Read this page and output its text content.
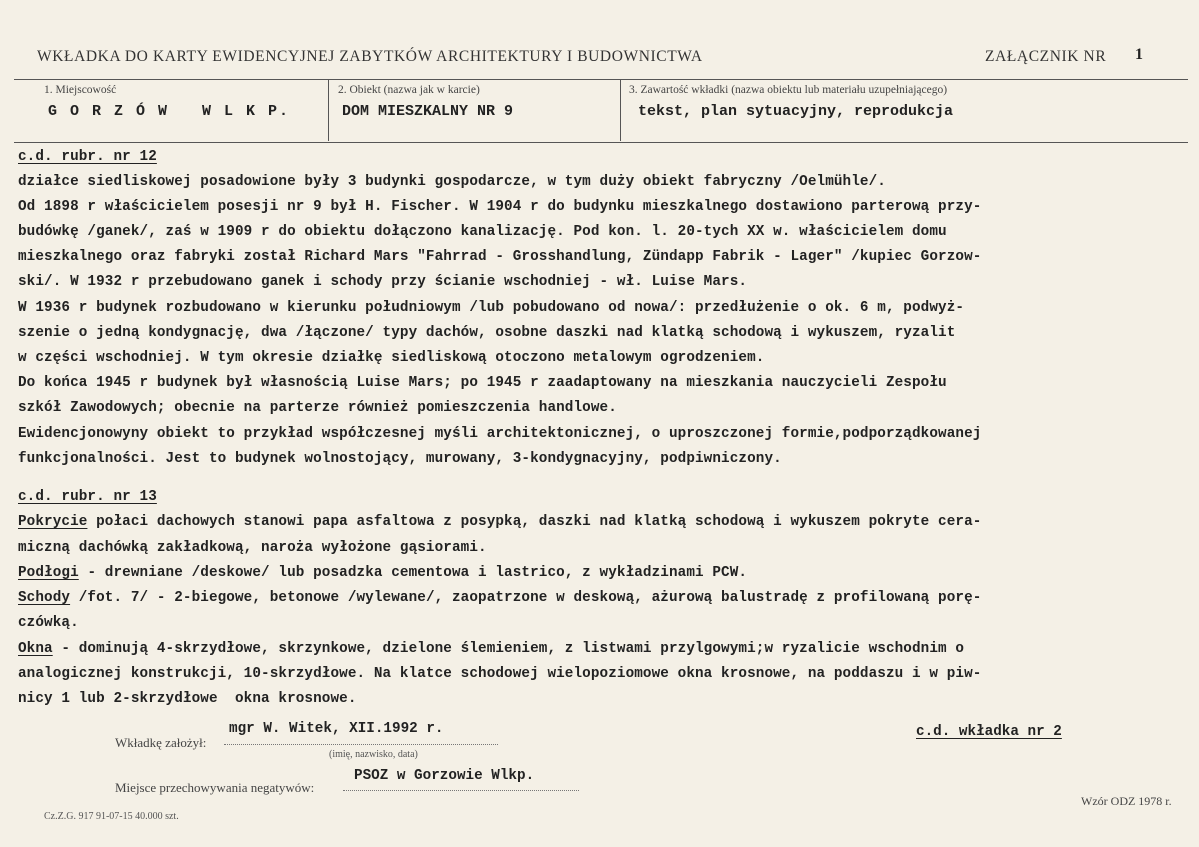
WKŁADKA DO KARTY EWIDENCYJNEJ ZABYTKÓW ARCHITEKTURY I BUDOWNICTWA	ZAŁĄCZNIK NR 1
1. Miejscowość
G O R Z Ó W   W L K P.
2. Obiekt (nazwa jak w karcie)
DOM MIESZKALNY NR 9
3. Zawartość wkładki (nazwa obiektu lub materiału uzupełniającego)
tekst, plan sytuacyjny, reprodukcja
c.d. rubr. nr 12
działce siedliskowej posadowione były 3 budynki gospodarcze, w tym duży obiekt fabryczny /Oelmühle/.
Od 1898 r właścicielem posesji nr 9 był H. Fischer. W 1904 r do budynku mieszkalnego dostawiono parterową przy-
budówkę /ganek/, zaś w 1909 r do obiektu dołączono kanalizację. Pod kon. l. 20-tych XX w. właścicielem domu
mieszkalnego oraz fabryki został Richard Mars "Fahrrad - Grosshandlung, Zündapp Fabrik - Lager" /kupiec Gorzow-
ski/. W 1932 r przebudowano ganek i schody przy ścianie wschodniej - wł. Luise Mars.
W 1936 r budynek rozbudowano w kierunku południowym /lub pobudowano od nowa/: przedłużenie o ok. 6 m, podwyż-
szenie o jedną kondygnację, dwa /łączone/ typy dachów, osobne daszki nad klatką schodową i wykuszem, ryzalit
w części wschodniej. W tym okresie działkę siedliskową otoczono metalowym ogrodzeniem.
Do końca 1945 r budynek był własnością Luise Mars; po 1945 r zaadaptowany na mieszkania nauczycieli Zespołu
szkół Zawodowych; obecnie na parterze również pomieszczenia handlowe.
Ewidencjonowyny obiekt to przykład współczesnej myśli architektonicznej, o uproszczonej formie,podporządkowanej
funkcjonalności. Jest to budynek wolnostojący, murowany, 3-kondygnacyjny, podpiwniczony.
c.d. rubr. nr 13
Pokrycie połaci dachowych stanowi papa asfaltowa z posypką, daszki nad klatką schodową i wykuszem pokryte cera-
miczną dachówką zakładkową, naroża wyłożone gąsiorami.
Podłogi - drewniane /deskowe/ lub posadzka cementowa i lastrico, z wykładzinami PCW.
Schody /fot. 7/ - 2-biegowe, betonowe /wylewane/, zaopatrzone w deskową, ażurową balustradę z profilowaną porę-
czówką.
Okna - dominują 4-skrzydłowe, skrzynkowe, dzielone ślemieniem, z listwami przylgowymi;w ryzalicie wschodnim o
analogicznej konstrukcji, 10-skrzydłowe. Na klatce schodowej wielopoziomowe okna krosnowe, na poddaszu i w piw-
nicy 1 lub 2-skrzydłowe  okna krosnowe.
Wkładkę założył:
mgr W. Witek, XII.1992 r.
(imię, nazwisko, data)
c.d. wkładka nr 2
Miejsce przechowywania negatywów:
PSOZ w Gorzowie Wlkp.
Cz.Z.G. 917 91-07-15 40.000 szt.
Wzór ODZ 1978 r.
